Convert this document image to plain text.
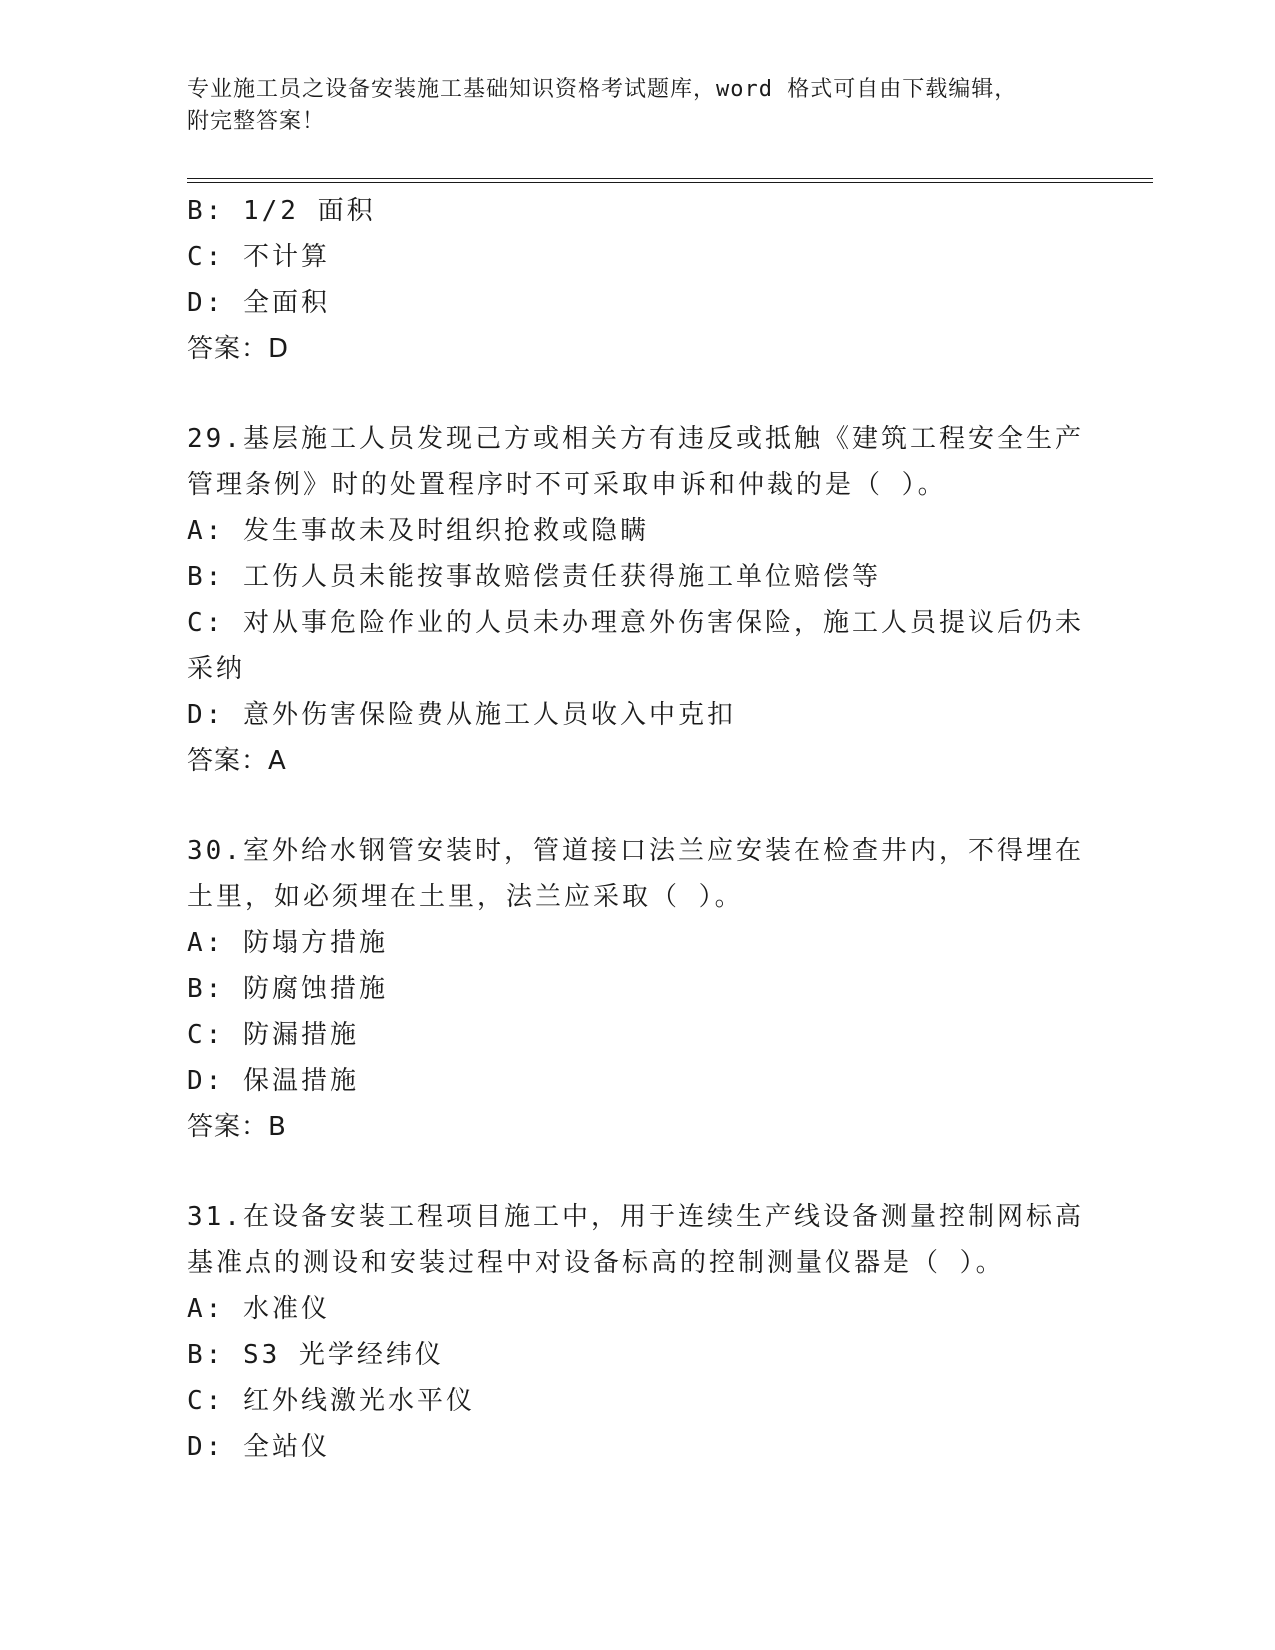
专业施工员之设备安装施工基础知识资格考试题库，word 格式可自由下载编辑，
附完整答案！
B: 1/2 面积
C: 不计算
D: 全面积
答案：D
29.基层施工人员发现己方或相关方有违反或抵触《建筑工程安全生产
管理条例》时的处置程序时不可采取申诉和仲裁的是（ ）。
A: 发生事故未及时组织抢救或隐瞒
B: 工伤人员未能按事故赔偿责任获得施工单位赔偿等
C: 对从事危险作业的人员未办理意外伤害保险，施工人员提议后仍未
采纳
D: 意外伤害保险费从施工人员收入中克扣
答案：A
30.室外给水钢管安装时，管道接口法兰应安装在检查井内，不得埋在
土里，如必须埋在土里，法兰应采取（ ）。
A: 防塌方措施
B: 防腐蚀措施
C: 防漏措施
D: 保温措施
答案：B
31.在设备安装工程项目施工中，用于连续生产线设备测量控制网标高
基准点的测设和安装过程中对设备标高的控制测量仪器是（ ）。
A: 水准仪
B: S3 光学经纬仪
C: 红外线激光水平仪
D: 全站仪
